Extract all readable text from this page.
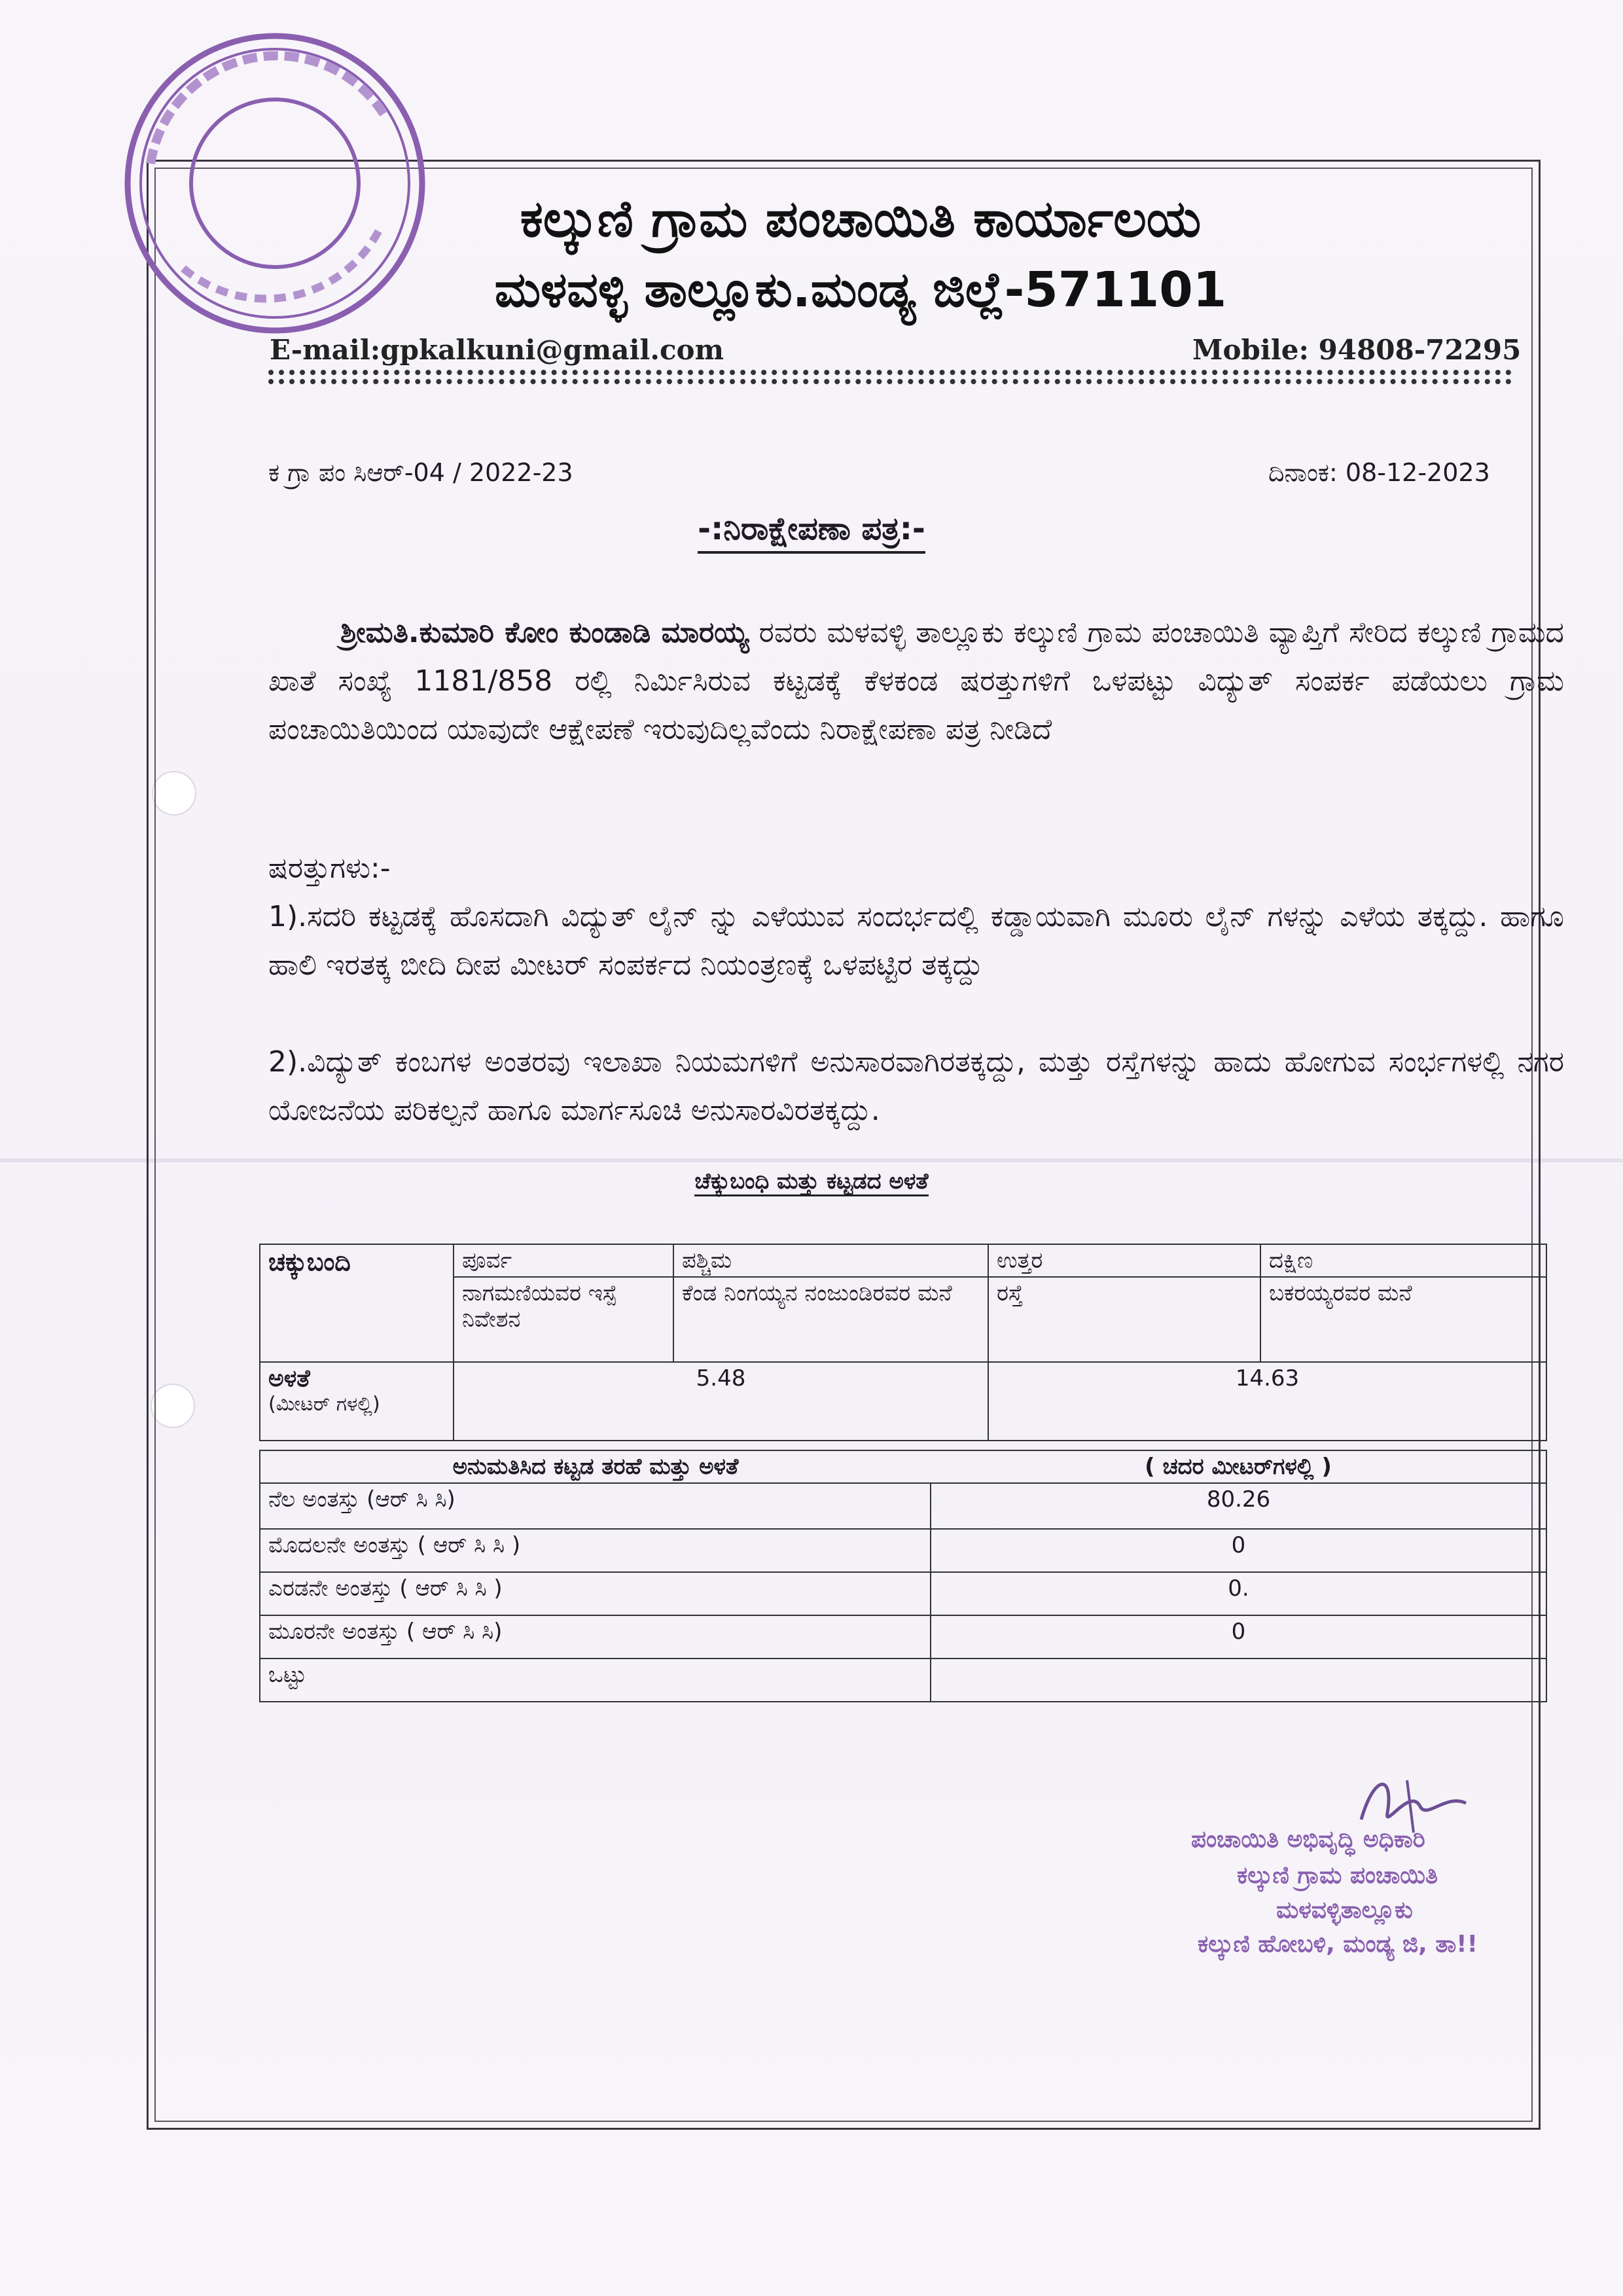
ಕಲ್ಕುಣಿ ಗ್ರಾಮ ಪಂಚಾಯಿತಿ ಕಾರ್ಯಾಲಯ
ಮಳವಳ್ಳಿ ತಾಲ್ಲೂಕು.ಮಂಡ್ಯ ಜಿಲ್ಲೆ-571101
E-mail:gpkalkuni@gmail.com	Mobile: 94808-72295
ಕ ಗ್ರಾ ಪಂ ಸಿಆರ್-04 / 2022-23	ದಿನಾಂಕ: 08-12-2023
-:ನಿರಾಕ್ಷೇಪಣಾ ಪತ್ರ:-
ಶ್ರೀಮತಿ.ಕುಮಾರಿ ಕೋಂ ಕುಂಡಾಡಿ ಮಾರಯ್ಯ ರವರು ಮಳವಳ್ಳಿ ತಾಲ್ಲೂಕು ಕಲ್ಕುಣಿ ಗ್ರಾಮ ಪಂಚಾಯಿತಿ ವ್ಯಾಪ್ತಿಗೆ ಸೇರಿದ ಕಲ್ಕುಣಿ ಗ್ರಾಮದ ಖಾತೆ ಸಂಖ್ಯೆ 1181/858 ರಲ್ಲಿ ನಿರ್ಮಿಸಿರುವ ಕಟ್ಟಡಕ್ಕೆ ಕೆಳಕಂಡ ಷರತ್ತುಗಳಿಗೆ ಒಳಪಟ್ಟು ವಿದ್ಯುತ್ ಸಂಪರ್ಕ ಪಡೆಯಲು ಗ್ರಾಮ ಪಂಚಾಯಿತಿಯಿಂದ ಯಾವುದೇ ಆಕ್ಷೇಪಣೆ ಇರುವುದಿಲ್ಲವೆಂದು ನಿರಾಕ್ಷೇಪಣಾ ಪತ್ರ ನೀಡಿದೆ
ಷರತ್ತುಗಳು:-
1).ಸದರಿ ಕಟ್ಟಡಕ್ಕೆ ಹೊಸದಾಗಿ ವಿದ್ಯುತ್ ಲೈನ್ ನ್ನು ಎಳೆಯುವ ಸಂದರ್ಭದಲ್ಲಿ ಕಡ್ಡಾಯವಾಗಿ ಮೂರು ಲೈನ್ ಗಳನ್ನು ಎಳೆಯ ತಕ್ಕದ್ದು. ಹಾಗೂ ಹಾಲಿ ಇರತಕ್ಕ ಬೀದಿ ದೀಪ ಮೀಟರ್ ಸಂಪರ್ಕದ ನಿಯಂತ್ರಣಕ್ಕೆ ಒಳಪಟ್ಟಿರ ತಕ್ಕದ್ದು
2).ವಿದ್ಯುತ್ ಕಂಬಗಳ ಅಂತರವು ಇಲಾಖಾ ನಿಯಮಗಳಿಗೆ ಅನುಸಾರವಾಗಿರತಕ್ಕದ್ದು, ಮತ್ತು ರಸ್ತೆಗಳನ್ನು ಹಾದು ಹೋಗುವ ಸಂರ್ಭಗಳಲ್ಲಿ ನಗರ ಯೋಜನೆಯ ಪರಿಕಲ್ಪನೆ ಹಾಗೂ ಮಾರ್ಗಸೂಚಿ ಅನುಸಾರವಿರತಕ್ಕದ್ದು.
ಚೆಕ್ಕುಬಂಧಿ ಮತ್ತು ಕಟ್ಟಡದ ಅಳತೆ
ಚಕ್ಕುಬಂದಿ	ಪೂರ್ವ	ಪಶ್ಚಿಮ	ಉತ್ತರ	ದಕ್ಷಿಣ
	ನಾಗಮಣಿಯವರ ಇಸ್ಪೆ ನಿವೇಶನ	ಕೆಂಡ ನಿಂಗಯ್ಯನ ನಂಜುಂಡಿರವರ ಮನೆ	ರಸ್ತೆ	ಬಕರಯ್ಯರವರ ಮನೆ

ಅಳತೆ
(ಮೀಟರ್ ಗಳಲ್ಲಿ)	5.48		14.63	
ಅನುಮತಿಸಿದ ಕಟ್ಟಡ ತರಹೆ ಮತ್ತು ಅಳತೆ	( ಚದರ ಮೀಟರ್‌ಗಳಲ್ಲಿ )
ನೆಲ ಅಂತಸ್ತು (ಆರ್ ಸಿ ಸಿ)	80.26
ಮೊದಲನೇ ಅಂತಸ್ತು ( ಆರ್ ಸಿ ಸಿ )	0
ಎರಡನೇ ಅಂತಸ್ತು ( ಆರ್ ಸಿ ಸಿ )	0.
ಮೂರನೇ ಅಂತಸ್ತು ( ಆರ್ ಸಿ ಸಿ)	0
ಒಟ್ಟು	
ಪಂಚಾಯಿತಿ ಅಭಿವೃದ್ಧಿ ಅಧಿಕಾರಿ
ಕಲ್ಕುಣಿ ಗ್ರಾಮ ಪಂಚಾಯಿತಿ
ಮಳವಳ್ಳಿತಾಲ್ಲೂಕು
ಕಲ್ಕುಣಿ ಹೋಬಳಿ, ಮಂಡ್ಯ ಜಿ, ತಾ!!
